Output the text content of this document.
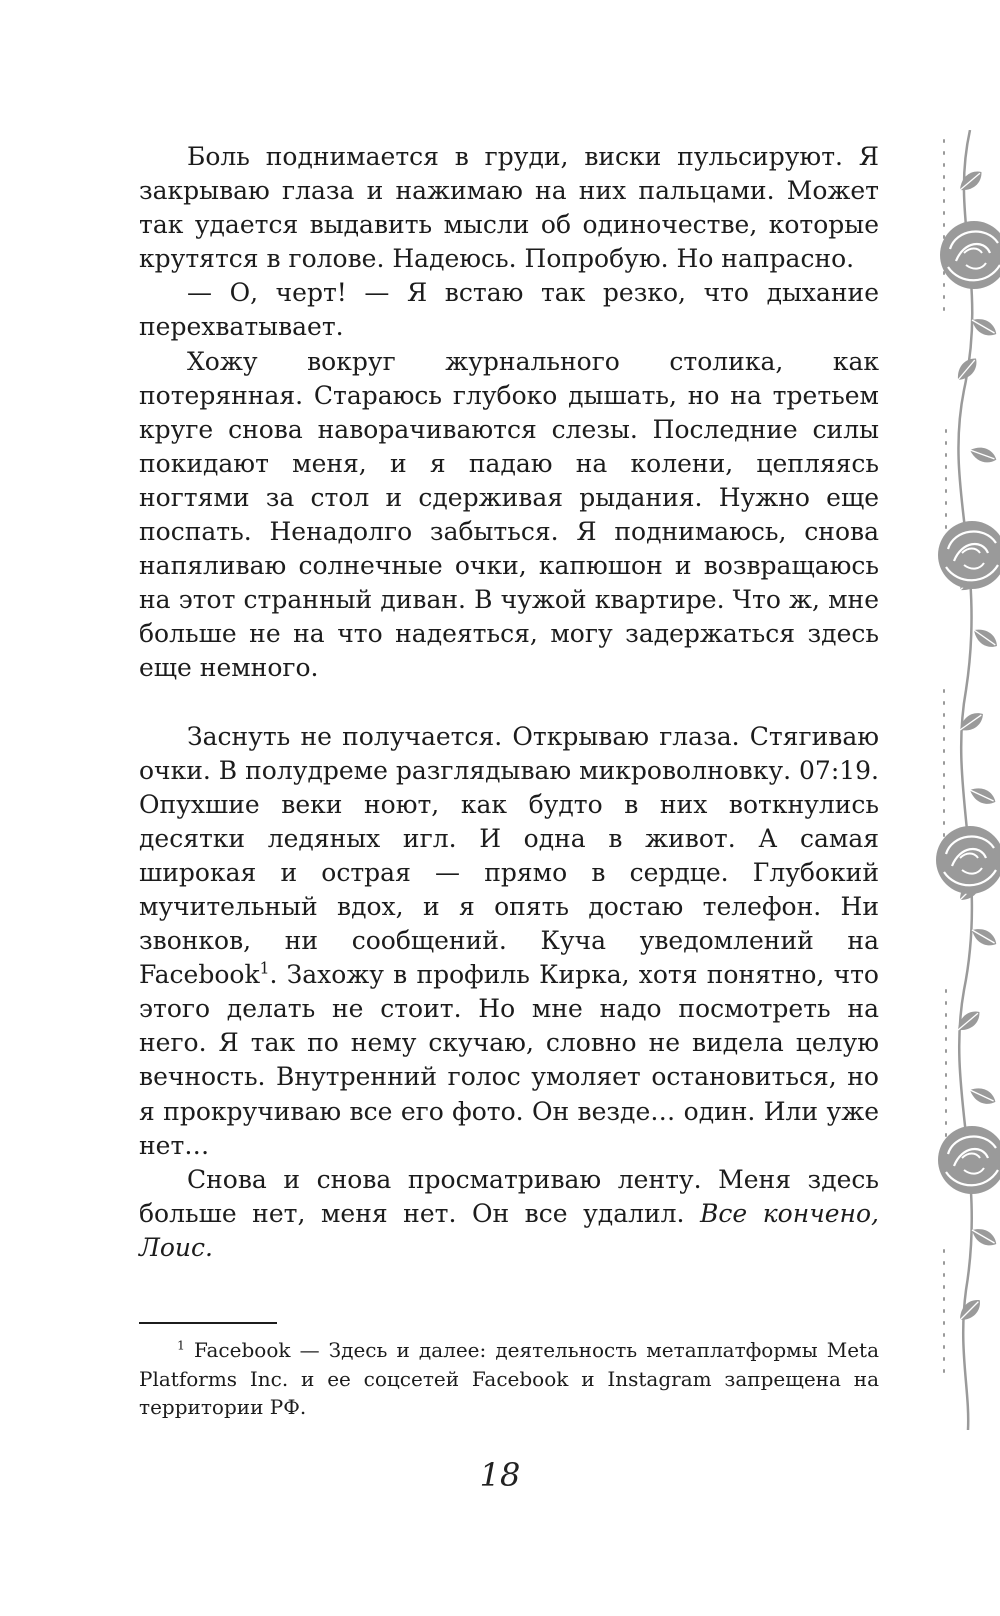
Боль поднимается в груди, виски пульсируют. Я закрываю глаза и нажимаю на них пальцами. Может так удается выдавить мысли об одиночестве, которые крутятся в голове. Надеюсь. Попробую. Но напрасно.

— О, черт! — Я встаю так резко, что дыхание перехватывает.

Хожу вокруг журнального столика, как потерянная. Стараюсь глубоко дышать, но на третьем круге снова наворачиваются слезы. Последние силы покидают меня, и я падаю на колени, цепляясь ногтями за стол и сдерживая рыдания. Нужно еще поспать. Ненадолго забыться. Я поднимаюсь, снова напяливаю солнечные очки, капюшон и возвращаюсь на этот странный диван. В чужой квартире. Что ж, мне больше не на что надеяться, могу задержаться здесь еще немного.

Заснуть не получается. Открываю глаза. Стягиваю очки. В полудреме разглядываю микроволновку. 07:19. Опухшие веки ноют, как будто в них воткнулись десятки ледяных игл. И одна в живот. А самая широкая и острая — прямо в сердце. Глубокий мучительный вдох, и я опять достаю телефон. Ни звонков, ни сообщений. Куча уведомлений на Facebook$^1$. Захожу в профиль Кирка, хотя понятно, что этого делать не стоит. Но мне надо посмотреть на него. Я так по нему скучаю, словно не видела целую вечность. Внутренний голос умоляет остановиться, но я прокручиваю все его фото. Он везде… один. Или уже нет…

Снова и снова просматриваю ленту. Меня здесь больше нет, меня нет. Он все удалил. Все кончено, Лоис.

$^1$ Facebook — Здесь и далее: деятельность метаплатформы Meta Platforms Inc. и ее соцсетей Facebook и Instagram запрещена на территории РФ.
18
